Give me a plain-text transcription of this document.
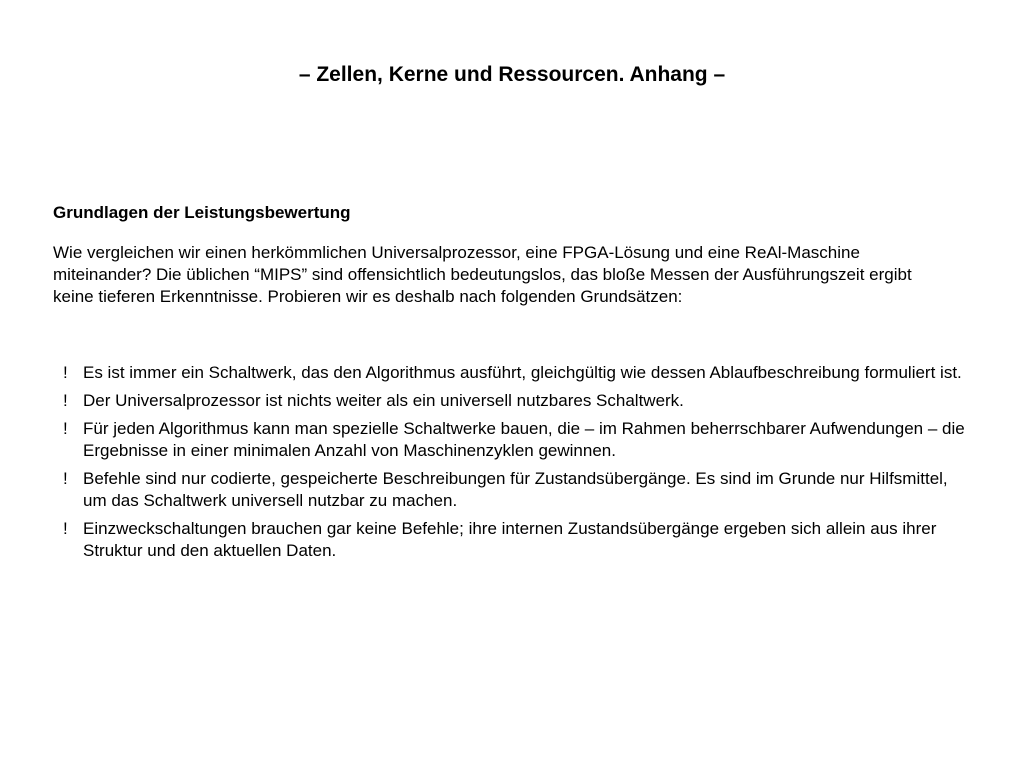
– Zellen, Kerne und Ressourcen. Anhang –
Grundlagen der Leistungsbewertung
Wie vergleichen wir einen herkömmlichen Universalprozessor, eine FPGA-Lösung und eine ReAl-Maschine miteinander? Die üblichen “MIPS” sind offensichtlich bedeutungslos, das bloße Messen der Ausführungszeit ergibt keine tieferen Erkenntnisse. Probieren wir es deshalb nach folgenden Grundsätzen:
! Es ist immer ein Schaltwerk, das den Algorithmus ausführt, gleichgültig wie dessen Ablaufbeschreibung formuliert ist.
! Der Universalprozessor ist nichts weiter als ein universell nutzbares Schaltwerk.
! Für jeden Algorithmus kann man spezielle Schaltwerke bauen, die – im Rahmen beherrschbarer Aufwendungen – die Ergebnisse in einer minimalen Anzahl von Maschinenzyklen gewinnen.
! Befehle sind nur codierte, gespeicherte Beschreibungen für Zustandsübergänge. Es sind im Grunde nur Hilfsmittel, um das Schaltwerk universell nutzbar zu machen.
! Einzweckschaltungen brauchen gar keine Befehle; ihre internen Zustandsübergänge ergeben sich allein aus ihrer Struktur und den aktuellen Daten.
